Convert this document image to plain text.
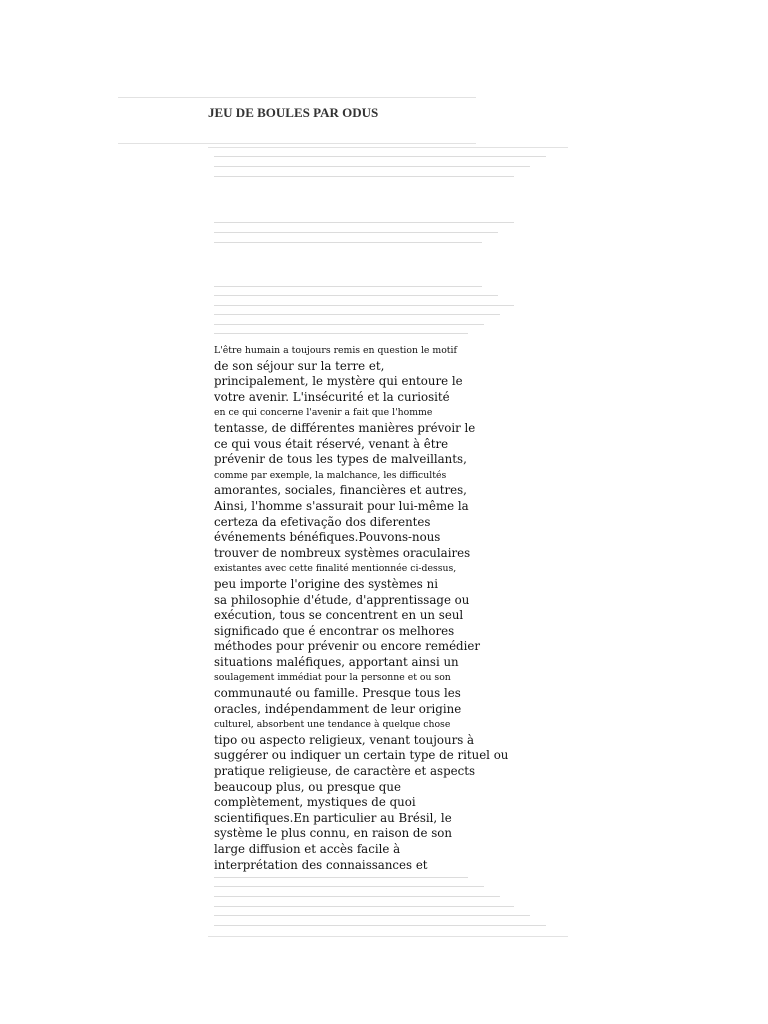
JEU DE BOULES PAR ODUS
L'être humain a toujours remis en question le motif
de son séjour sur la terre et,
principalement, le mystère qui entoure le
votre avenir. L'insécurité et la curiosité
en ce qui concerne l'avenir a fait que l'homme
tentasse, de différentes manières prévoir le
ce qui vous était réservé, venant à être
prévenir de tous les types de malveillants,
comme par exemple, la malchance, les difficultés
amorantes, sociales, financières et autres,
Ainsi, l'homme s'assurait pour lui-même la
certeza da efetivação dos diferentes
événements bénéfiques.Pouvons-nous
trouver de nombreux systèmes oraculaires
existantes avec cette finalité mentionnée ci-dessus,
peu importe l'origine des systèmes ni
sa philosophie d'étude, d'apprentissage ou
exécution, tous se concentrent en un seul
significado que é encontrar os melhores
méthodes pour prévenir ou encore remédier
situations maléfiques, apportant ainsi un
soulagement immédiat pour la personne et ou son
communauté ou famille. Presque tous les
oracles, indépendamment de leur origine
culturel, absorbent une tendance à quelque chose
tipo ou aspecto religieux, venant toujours à
suggérer ou indiquer un certain type de rituel ou
pratique religieuse, de caractère et aspects
beaucoup plus, ou presque que
complètement, mystiques de quoi
scientifiques.En particulier au Brésil, le
système le plus connu, en raison de son
large diffusion et accès facile à
interprétation des connaissances et
